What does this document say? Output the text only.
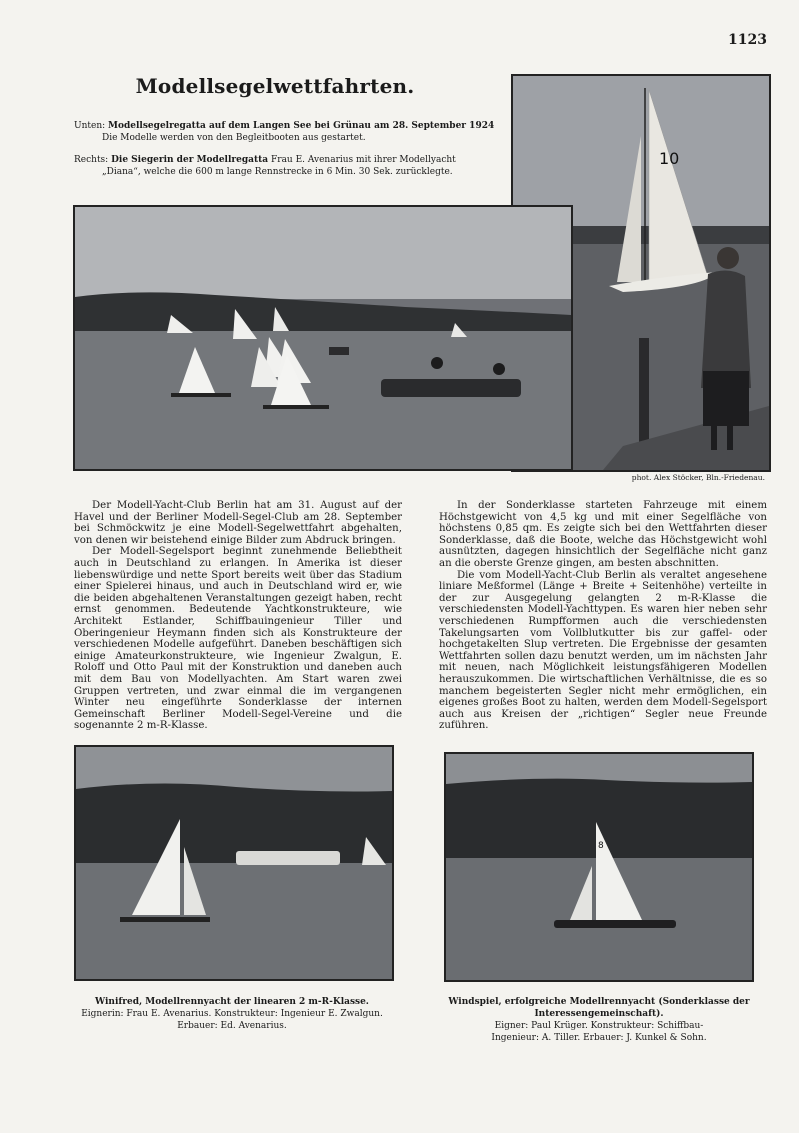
1123
Modellsegelwettfahrten.
Unten: Modellsegelregatta auf dem Langen See bei Grünau am 28. September 1924
Die Modelle werden von den Begleitbooten aus gestartet.
Rechts: Die Siegerin der Modellregatta Frau E. Avenarius mit ihrer Modellyacht
„Diana“, welche die 600 m lange Rennstrecke in 6 Min. 30 Sek. zurücklegte.
10
phot. Alex Stöcker, Bln.-Friedenau.

Der Modell-Yacht-Club Berlin hat am 31. August auf der Havel und der Berliner Modell-Segel-Club am 28. September bei Schmöckwitz je eine Modell-Segelwettfahrt abgehalten, von denen wir beistehend einige Bilder zum Abdruck bringen.

Der Modell-Segelsport beginnt zunehmende Beliebtheit auch in Deutschland zu erlangen. In Amerika ist dieser liebenswürdige und nette Sport bereits weit über das Stadium einer Spielerei hinaus, und auch in Deutschland wird er, wie die beiden abgehaltenen Veranstaltungen gezeigt haben, recht ernst genommen. Bedeutende Yachtkonstrukteure, wie Architekt Estlander, Schiffbauingenieur Tiller und Oberingenieur Heymann finden sich als Konstrukteure der verschiedenen Modelle aufgeführt. Daneben beschäftigen sich einige Amateurkonstrukteure, wie Ingenieur Zwalgun, E. Roloff und Otto Paul mit der Konstruktion und daneben auch mit dem Bau von Modellyachten. Am Start waren zwei Gruppen vertreten, und zwar einmal die im vergangenen Winter neu eingeführte Sonderklasse der internen Gemeinschaft Berliner Modell-Segel-Vereine und die sogenannte 2 m-R-Klasse.

In der Sonderklasse starteten Fahrzeuge mit einem Höchstgewicht von 4,5 kg und mit einer Segelfläche von höchstens 0,85 qm. Es zeigte sich bei den Wettfahrten dieser Sonderklasse, daß die Boote, welche das Höchstgewicht wohl ausnützten, dagegen hinsichtlich der Segelfläche nicht ganz an die oberste Grenze gingen, am besten abschnitten.

Die vom Modell-Yacht-Club Berlin als veraltet angesehene liniare Meßformel (Länge + Breite + Seitenhöhe) verteilte in der zur Ausgegelung gelangten 2 m-R-Klasse die verschiedensten Modell-Yachttypen. Es waren hier neben sehr verschiedenen Rumpfformen auch die verschiedensten Takelungsarten vom Vollblutkutter bis zur gaffel- oder hochgetakelten Slup vertreten. Die Ergebnisse der gesamten Wettfahrten sollen dazu benutzt werden, um im nächsten Jahr mit neuen, nach Möglichkeit leistungsfähigeren Modellen herauszukommen. Die wirtschaftlichen Verhältnisse, die es so manchem begeisterten Segler nicht mehr ermöglichen, ein eigenes großes Boot zu halten, werden dem Modell-Segelsport auch aus Kreisen der „richtigen“ Segler neue Freunde zuführen.

8
Winifred, Modellrennyacht der linearen 2 m-R-Klasse.
Eignerin: Frau E. Avenarius. Konstrukteur: Ingenieur E. Zwalgun.
Erbauer: Ed. Avenarius.
Windspiel, erfolgreiche Modellrennyacht (Sonderklasse der Interessengemeinschaft).
Eigner: Paul Krüger. Konstrukteur: Schiffbau-
Ingenieur: A. Tiller. Erbauer: J. Kunkel & Sohn.
